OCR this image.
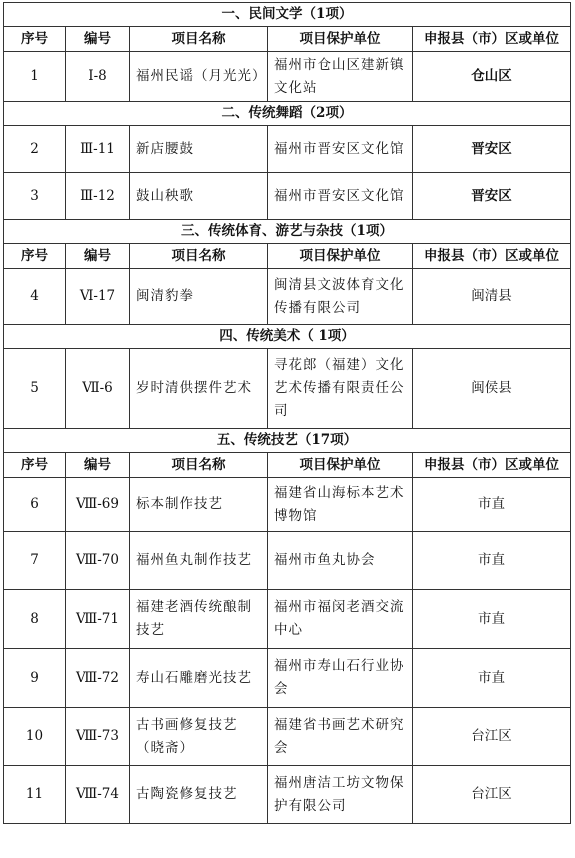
一、民间文学（1项）				
序号	编号	项目名称	项目保护单位	申报县（市）区或单位
1	Ⅰ-8	福州民谣（月光光）	福州市仓山区建新镇文化站	仓山区
二、传统舞蹈（2项）				
2	Ⅲ-11	新店腰鼓	福州市晋安区文化馆	晋安区
3	Ⅲ-12	鼓山秧歌	福州市晋安区文化馆	晋安区
三、传统体育、游艺与杂技（1项）				
序号	编号	项目名称	项目保护单位	申报县（市）区或单位
4	Ⅵ-17	闽清豹拳	闽清县文波体育文化传播有限公司	闽清县
四、传统美术（ 1项）				
5	Ⅶ-6	岁时清供摆件艺术	寻花郎（福建）文化艺术传播有限责任公司	闽侯县
五、传统技艺（17项）				
序号	编号	项目名称	项目保护单位	申报县（市）区或单位
6	Ⅷ-69	标本制作技艺	福建省山海标本艺术博物馆	市直
7	Ⅷ-70	福州鱼丸制作技艺	福州市鱼丸协会	市直
8	Ⅷ-71	福建老酒传统酿制技艺	福州市福闵老酒交流中心	市直
9	Ⅷ-72	寿山石雕磨光技艺	福州市寿山石行业协会	市直
10	Ⅷ-73	古书画修复技艺（晓斋）	福建省书画艺术研究会	台江区
11	Ⅷ-74	古陶瓷修复技艺	福州唐洁工坊文物保护有限公司	台江区
